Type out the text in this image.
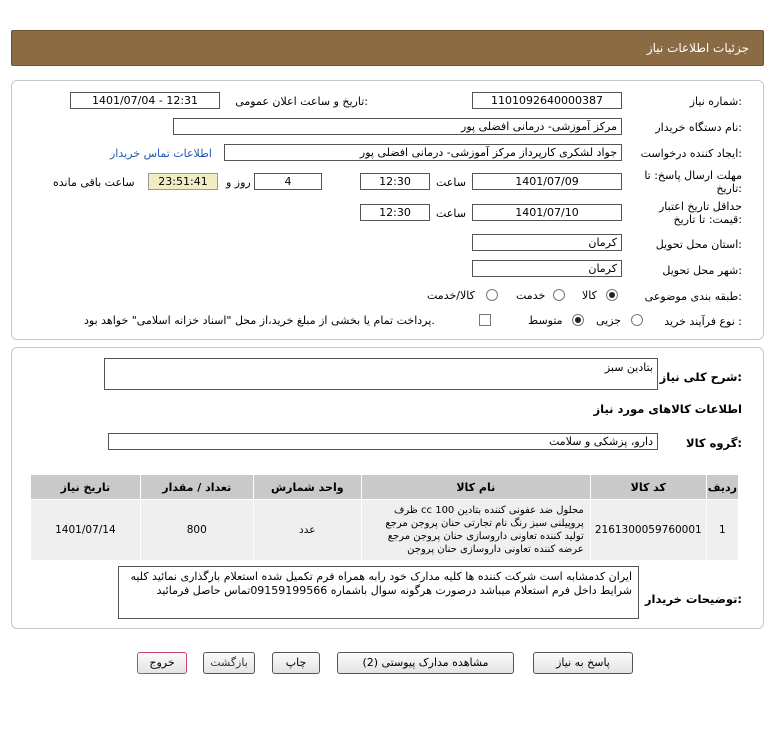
جزئیات اطلاعات نیاز
شماره نیاز:
1101092640000387
تاریخ و ساعت اعلان عمومی:
1401/07/04 - 12:31
نام دستگاه خریدار:
مرکز آموزشی- درمانی افضلی پور
ایجاد کننده درخواست:
جواد لشکری کارپرداز مرکز آموزشی- درمانی افضلی پور
اطلاعات تماس خریدار
مهلت ارسال پاسخ: تا تاریخ:
1401/07/09
ساعت
12:30
4
روز و
23:51:41
ساعت باقی مانده
حداقل تاریخ اعتبار قیمت: تا تاریخ:
1401/07/10
ساعت
12:30
استان محل تحویل:
کرمان
شهر محل تحویل:
کرمان
طبقه بندی موضوعی:
کالا
خدمت
کالا/خدمت
نوع فرآیند خرید :
جزیی
متوسط
پرداخت تمام یا بخشی از مبلغ خرید،از محل "اسناد خزانه اسلامی" خواهد بود.
شرح کلی نیاز:
بتادین سبز
اطلاعات کالاهای مورد نیاز
گروه کالا:
دارو، پزشکی و سلامت
ردیف	کد کالا	نام کالا	واحد شمارش	تعداد / مقدار	تاریخ نیاز
1	2161300059760001	محلول ضد عفونی کننده بتادین cc 100 ظرف پروپیلنی سبز رنگ نام تجارتی حنان پروجن مرجع تولید کننده تعاونی داروسازی حنان پروجن مرجع عرضه کننده تعاونی داروسازی حنان پروجن	عدد	800	1401/07/14
توضیحات خریدار:
ایران کدمشابه است شرکت کننده ها کلیه مدارک خود رابه همراه فرم تکمیل شده استعلام بارگذاری نمائید کلیه شرایط داخل فرم استعلام میباشد درصورت هرگونه سوال باشماره 09159199566تماس حاصل فرمائید
پاسخ به نیاز
مشاهده مدارک پیوستی (2)
چاپ
بازگشت
خروج
